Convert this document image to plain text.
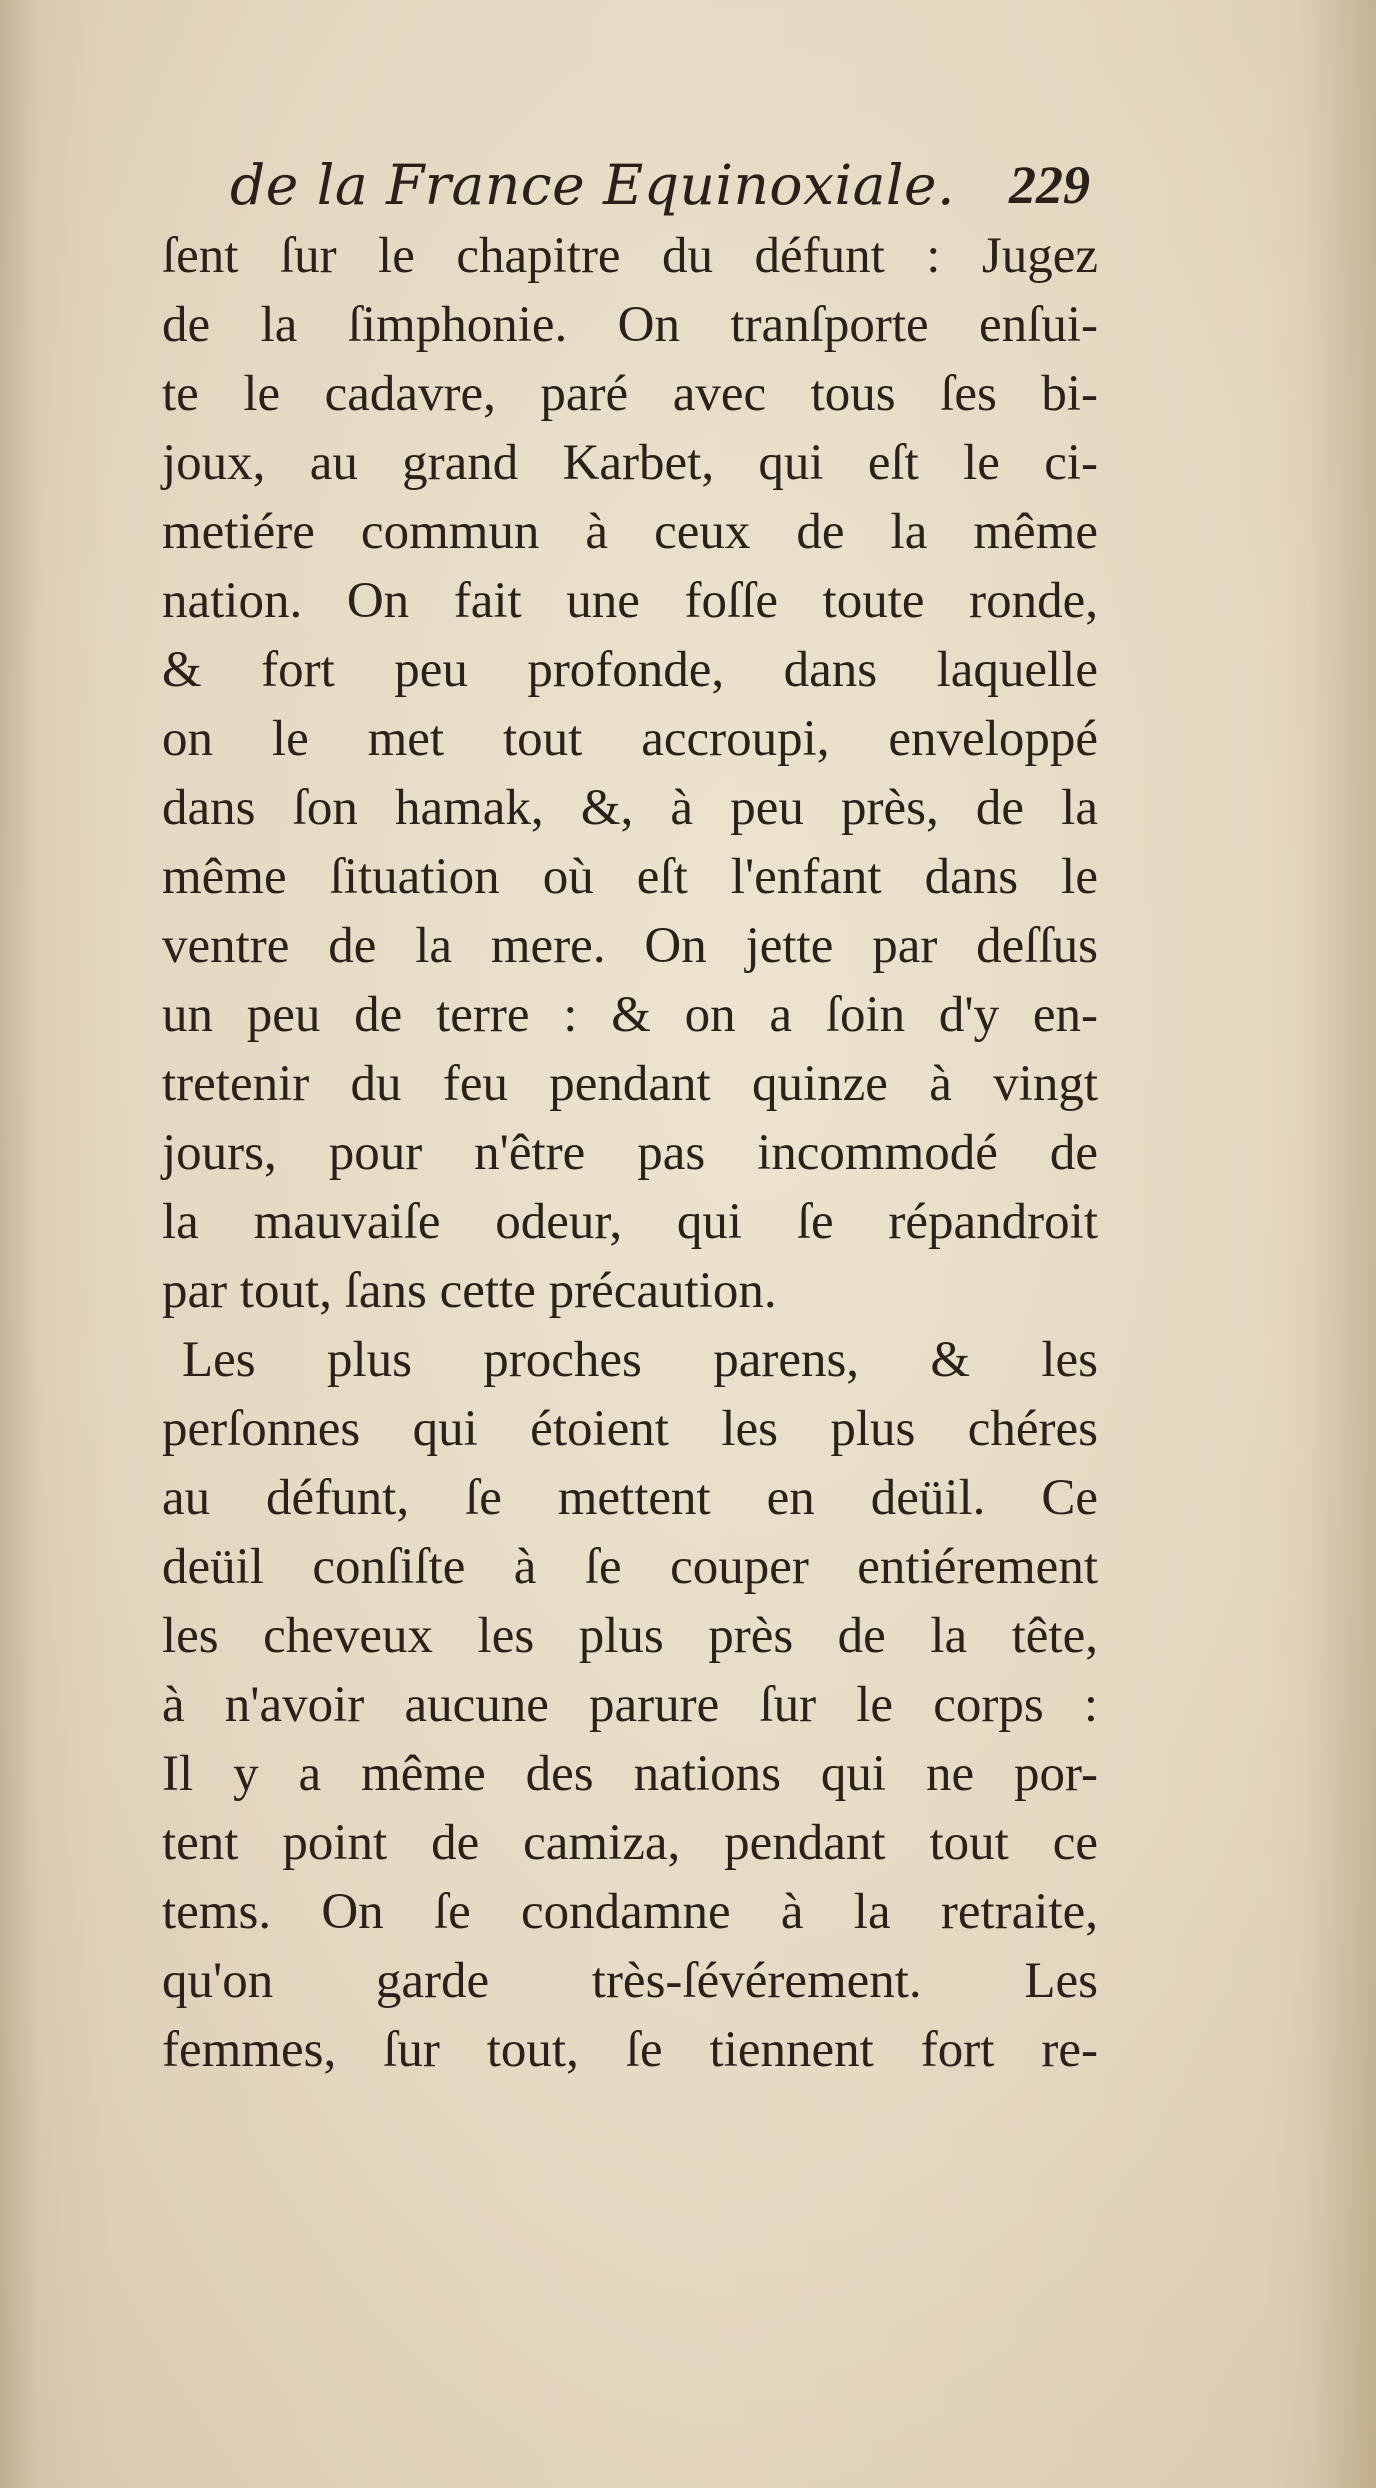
de la France Equinoxiale. 229
ſent ſur le chapitre du défunt : Jugez
de la ſimphonie. On tranſporte enſui-
te le cadavre, paré avec tous ſes bi-
joux, au grand Karbet, qui eſt le ci-
metiére commun à ceux de la même
nation. On fait une foſſe toute ronde,
& fort peu profonde, dans laquelle
on le met tout accroupi, enveloppé
dans ſon hamak, &, à peu près, de la
même ſituation où eſt l'enfant dans le
ventre de la mere. On jette par deſſus
un peu de terre : & on a ſoin d'y en-
tretenir du feu pendant quinze à vingt
jours, pour n'être pas incommodé de
la mauvaiſe odeur, qui ſe répandroit
par tout, ſans cette précaution.
Les plus proches parens, & les
perſonnes qui étoient les plus chéres
au défunt, ſe mettent en deüil. Ce
deüil conſiſte à ſe couper entiérement
les cheveux les plus près de la tête,
à n'avoir aucune parure ſur le corps :
Il y a même des nations qui ne por-
tent point de camiza, pendant tout ce
tems. On ſe condamne à la retraite,
qu'on garde très-ſévérement. Les
femmes, ſur tout, ſe tiennent fort re-
